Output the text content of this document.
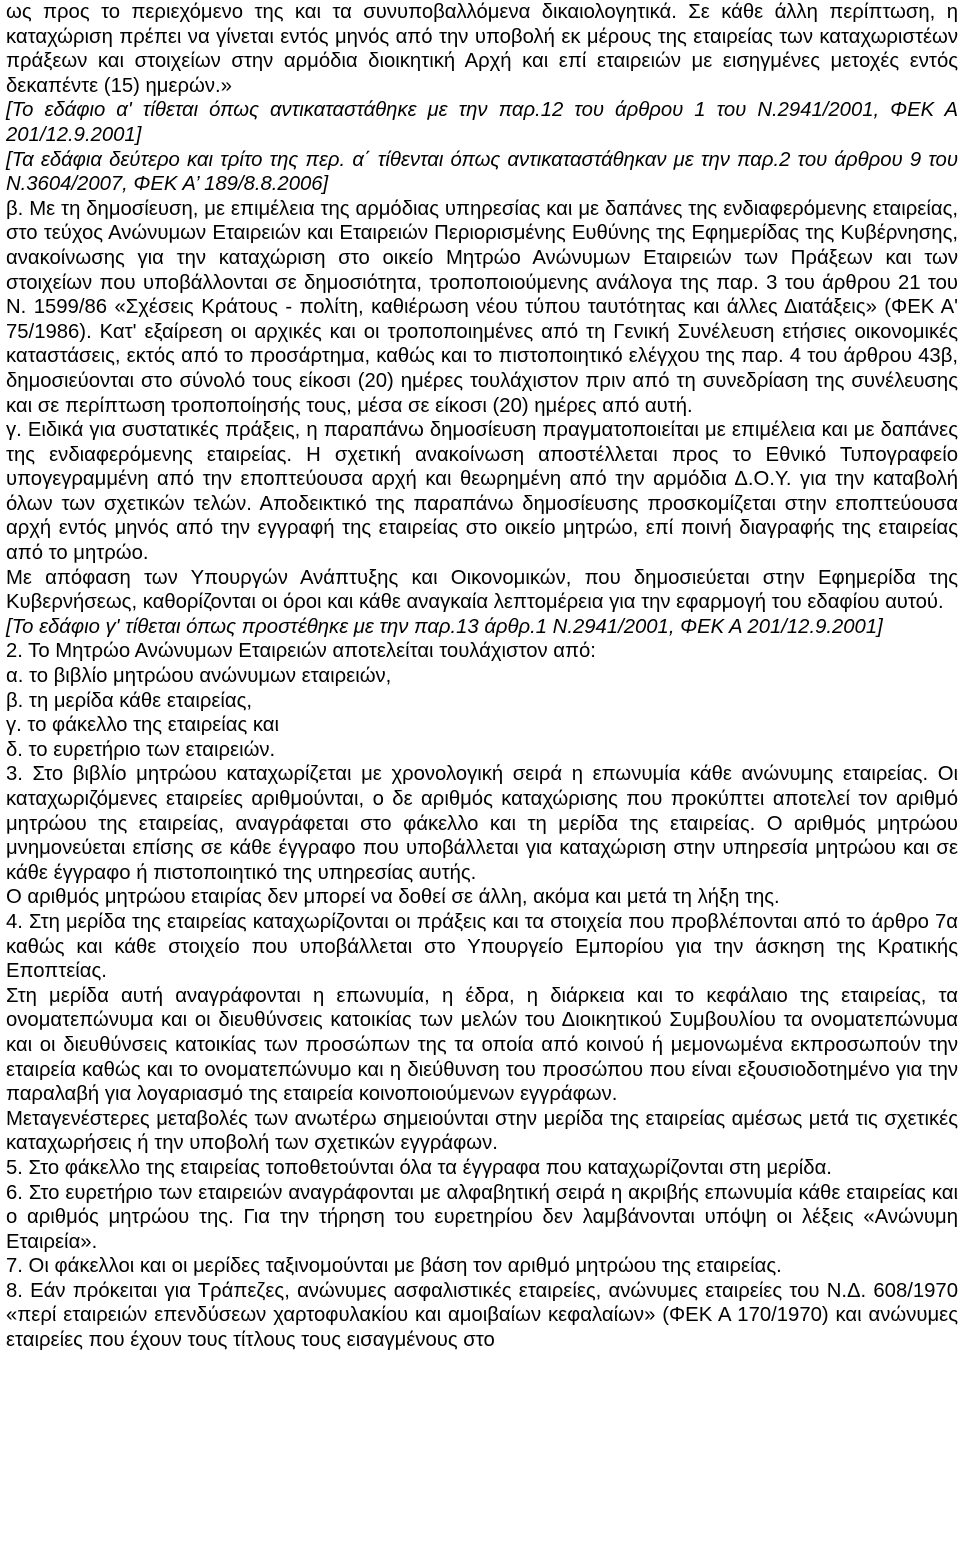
ως προς το περιεχόμενο της και τα συνυποβαλλόμενα δικαιολογητικά. Σε κάθε άλλη περίπτωση, η καταχώριση πρέπει να γίνεται εντός μηνός από την υποβολή εκ μέρους της εταιρείας των καταχωριστέων πράξεων και στοιχείων στην αρμόδια διοικητική Αρχή και επί εταιρειών με εισηγμένες μετοχές εντός δεκαπέντε (15) ημερών.»

[Το εδάφιο α' τίθεται όπως αντικαταστάθηκε με την παρ.12 του άρθρου 1 του Ν.2941/2001, ΦΕΚ Α 201/12.9.2001]

[Τα εδάφια δεύτερο και τρίτο της περ. α΄ τίθενται όπως αντικαταστάθηκαν με την παρ.2 του άρθρου 9 του Ν.3604/2007, ΦΕΚ Α’ 189/8.8.2006]

β. Με τη δημοσίευση, με επιμέλεια της αρμόδιας υπηρεσίας και με δαπάνες της ενδιαφερόμενης εταιρείας, στο τεύχος Ανώνυμων Εταιρειών και Εταιρειών Περιορισμένης Ευθύνης της Εφημερίδας της Κυβέρνησης, ανακοίνωσης για την καταχώριση στο οικείο Μητρώο Ανώνυμων Εταιρειών των Πράξεων και των στοιχείων που υποβάλλονται σε δημοσιότητα, τροποποιούμενης ανάλογα της παρ. 3 του άρθρου 21 του Ν. 1599/86 «Σχέσεις Κράτους - πολίτη, καθιέρωση νέου τύπου ταυτότητας και άλλες Διατάξεις» (ΦΕΚ Α' 75/1986). Κατ' εξαίρεση οι αρχικές και οι τροποποιημένες από τη Γενική Συνέλευση ετήσιες οικονομικές καταστάσεις, εκτός από το προσάρτημα, καθώς και το πιστοποιητικό ελέγχου της παρ. 4 του άρθρου 43β, δημοσιεύονται στο σύνολό τους είκοσι (20) ημέρες τουλάχιστον πριν από τη συνεδρίαση της συνέλευσης και σε περίπτωση τροποποίησής τους, μέσα σε είκοσι (20) ημέρες από αυτή.

γ. Ειδικά για συστατικές πράξεις, η παραπάνω δημοσίευση πραγματοποιείται με επιμέλεια και με δαπάνες της ενδιαφερόμενης εταιρείας. Η σχετική ανακοίνωση αποστέλλεται προς το Εθνικό Τυπογραφείο υπογεγραμμένη από την εποπτεύουσα αρχή και θεωρημένη από την αρμόδια Δ.Ο.Υ. για την καταβολή όλων των σχετικών τελών. Αποδεικτικό της παραπάνω δημοσίευσης προσκομίζεται στην εποπτεύουσα αρχή εντός μηνός από την εγγραφή της εταιρείας στο οικείο μητρώο, επί ποινή διαγραφής της εταιρείας από το μητρώο.

Με απόφαση των Υπουργών Ανάπτυξης και Οικονομικών, που δημοσιεύεται στην Εφημερίδα της Κυβερνήσεως, καθορίζονται οι όροι και κάθε αναγκαία λεπτομέρεια για την εφαρμογή του εδαφίου αυτού.

[Το εδάφιο γ' τίθεται όπως προστέθηκε με την παρ.13 άρθρ.1 Ν.2941/2001, ΦΕΚ Α 201/12.9.2001]

2. Το Μητρώο Ανώνυμων Εταιρειών αποτελείται τουλάχιστον από:

α. το βιβλίο μητρώου ανώνυμων εταιρειών,

β. τη μερίδα κάθε εταιρείας,

γ. το φάκελλο της εταιρείας και

δ. το ευρετήριο των εταιρειών.

3. Στο βιβλίο μητρώου καταχωρίζεται με χρονολογική σειρά η επωνυμία κάθε ανώνυμης εταιρείας. Οι καταχωριζόμενες εταιρείες αριθμούνται, ο δε αριθμός καταχώρισης που προκύπτει αποτελεί τον αριθμό μητρώου της εταιρείας, αναγράφεται στο φάκελλο και τη μερίδα της εταιρείας. Ο αριθμός μητρώου μνημονεύεται επίσης σε κάθε έγγραφο που υποβάλλεται για καταχώριση στην υπηρεσία μητρώου και σε κάθε έγγραφο ή πιστοποιητικό της υπηρεσίας αυτής.

Ο αριθμός μητρώου εταιρίας δεν μπορεί να δοθεί σε άλλη, ακόμα και μετά τη λήξη της.

4. Στη μερίδα της εταιρείας καταχωρίζονται οι πράξεις και τα στοιχεία που προβλέπονται από το άρθρο 7α καθώς και κάθε στοιχείο που υποβάλλεται στο Υπουργείο Εμπορίου για την άσκηση της Κρατικής Εποπτείας.

Στη μερίδα αυτή αναγράφονται η επωνυμία, η έδρα, η διάρκεια και το κεφάλαιο της εταιρείας, τα ονοματεπώνυμα και οι διευθύνσεις κατοικίας των μελών του Διοικητικού Συμβουλίου τα ονοματεπώνυμα και οι διευθύνσεις κατοικίας των προσώπων της τα οποία από κοινού ή μεμονωμένα εκπροσωπούν την εταιρεία καθώς και το ονοματεπώνυμο και η διεύθυνση του προσώπου που είναι εξουσιοδοτημένο για την παραλαβή για λογαριασμό της εταιρεία κοινοποιούμενων εγγράφων.

Μεταγενέστερες μεταβολές των ανωτέρω σημειούνται στην μερίδα της εταιρείας αμέσως μετά τις σχετικές καταχωρήσεις ή την υποβολή των σχετικών εγγράφων.

5. Στο φάκελλο της εταιρείας τοποθετούνται όλα τα έγγραφα που καταχωρίζονται στη μερίδα.

6. Στο ευρετήριο των εταιρειών αναγράφονται με αλφαβητική σειρά η ακριβής επωνυμία κάθε εταιρείας και ο αριθμός μητρώου της. Για την τήρηση του ευρετηρίου δεν λαμβάνονται υπόψη οι λέξεις «Ανώνυμη Εταιρεία».

7. Οι φάκελλοι και οι μερίδες ταξινομούνται με βάση τον αριθμό μητρώου της εταιρείας.

8. Εάν πρόκειται για Τράπεζες, ανώνυμες ασφαλιστικές εταιρείες, ανώνυμες εταιρείες του Ν.Δ. 608/1970 «περί εταιρειών επενδύσεων χαρτοφυλακίου και αμοιβαίων κεφαλαίων» (ΦΕΚ Α 170/1970) και ανώνυμες εταιρείες που έχουν τους τίτλους τους εισαγμένους στο
